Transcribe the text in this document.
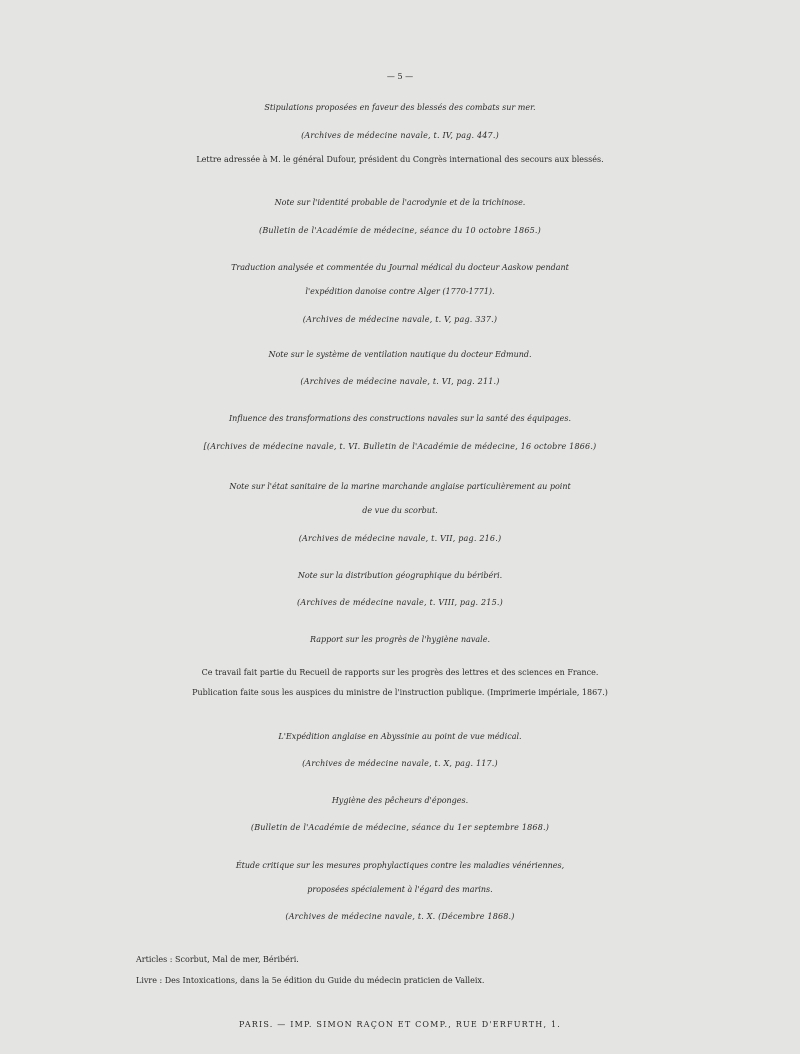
— 5 —
Stipulations proposées en faveur des blessés des combats sur mer.
(Archives de médecine navale, t. IV, pag. 447.)
Lettre adressée à M. le général Dufour, président du Congrès international des secours aux blessés.
Note sur l'identité probable de l'acrodynie et de la trichinose.
(Bulletin de l'Académie de médecine, séance du 10 octobre 1865.)
Traduction analysée et commentée du Journal médical du docteur Aaskow pendant
l'expédition danoise contre Alger (1770-1771).
(Archives de médecine navale, t. V, pag. 337.)
Note sur le système de ventilation nautique du docteur Edmund.
(Archives de médecine navale, t. VI, pag. 211.)
Influence des transformations des constructions navales sur la santé des équipages.
[(Archives de médecine navale, t. VI. Bulletin de l'Académie de médecine, 16 octobre 1866.)
Note sur l'état sanitaire de la marine marchande anglaise particulièrement au point
de vue du scorbut.
(Archives de médecine navale, t. VII, pag. 216.)
Note sur la distribution géographique du béribéri.
(Archives de médecine navale, t. VIII, pag. 215.)
Rapport sur les progrès de l'hygiène navale.
Ce travail fait partie du Recueil de rapports sur les progrès des lettres et des sciences en France.
Publication faite sous les auspices du ministre de l'instruction publique. (Imprimerie impériale, 1867.)
L'Expédition anglaise en Abyssinie au point de vue médical.
(Archives de médecine navale, t. X, pag. 117.)
Hygiène des pêcheurs d'éponges.
(Bulletin de l'Académie de médecine, séance du 1er septembre 1868.)
Étude critique sur les mesures prophylactiques contre les maladies vénériennes,
proposées spécialement à l'égard des marins.
(Archives de médecine navale, t. X. (Décembre 1868.)
Articles : Scorbut, Mal de mer, Béribéri.
Livre : Des Intoxications, dans la 5e édition du Guide du médecin praticien de Valleix.
PARIS. — IMP. SIMON RAÇON ET COMP., RUE D'ERFURTH, 1.
